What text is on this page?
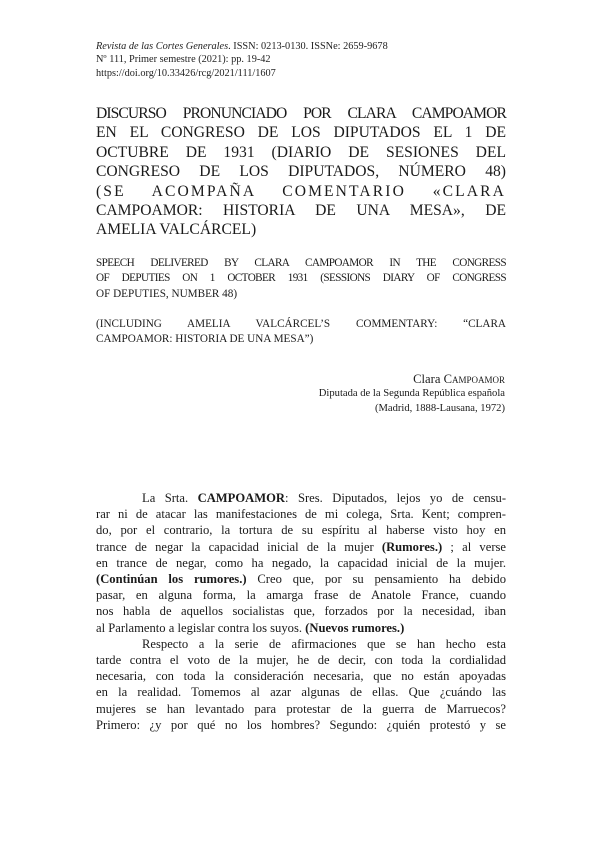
Revista de las Cortes Generales. ISSN: 0213-0130. ISSNe: 2659-9678
Nº 111, Primer semestre (2021): pp. 19-42
https://doi.org/10.33426/rcg/2021/111/1607
DISCURSO PRONUNCIADO POR CLARA CAMPOAMOR
EN EL CONGRESO DE LOS DIPUTADOS EL 1 DE
OCTUBRE DE 1931 (DIARIO DE SESIONES DEL
CONGRESO DE LOS DIPUTADOS, NÚMERO 48)
(SE ACOMPAÑA COMENTARIO «CLARA
CAMPOAMOR: HISTORIA DE UNA MESA», DE
AMELIA VALCÁRCEL)
SPEECH DELIVERED BY CLARA CAMPOAMOR IN THE CONGRESS
OF DEPUTIES ON 1 OCTOBER 1931 (SESSIONS DIARY OF CONGRESS
OF DEPUTIES, NUMBER 48)
(INCLUDING AMELIA VALCÁRCEL’S COMMENTARY: “CLARA
CAMPOAMOR: HISTORIA DE UNA MESA”)
Clara Campoamor
Diputada de la Segunda República española
(Madrid, 1888-Lausana, 1972)

La Srta. CAMPOAMOR: Sres. Diputados, lejos yo de censu-
rar ni de atacar las manifestaciones de mi colega, Srta. Kent; compren-
do, por el contrario, la tortura de su espíritu al haberse visto hoy en
trance de negar la capacidad inicial de la mujer (Rumores.) ; al verse
en trance de negar, como ha negado, la capacidad inicial de la mujer.
(Continúan los rumores.) Creo que, por su pensamiento ha debido
pasar, en alguna forma, la amarga frase de Anatole France, cuando
nos habla de aquellos socialistas que, forzados por la necesidad, iban
al Parlamento a legislar contra los suyos. (Nuevos rumores.)

Respecto a la serie de afirmaciones que se han hecho esta
tarde contra el voto de la mujer, he de decir, con toda la cordialidad
necesaria, con toda la consideración necesaria, que no están apoyadas
en la realidad. Tomemos al azar algunas de ellas. Que ¿cuándo las
mujeres se han levantado para protestar de la guerra de Marruecos?
Primero: ¿y por qué no los hombres? Segundo: ¿quién protestó y se
